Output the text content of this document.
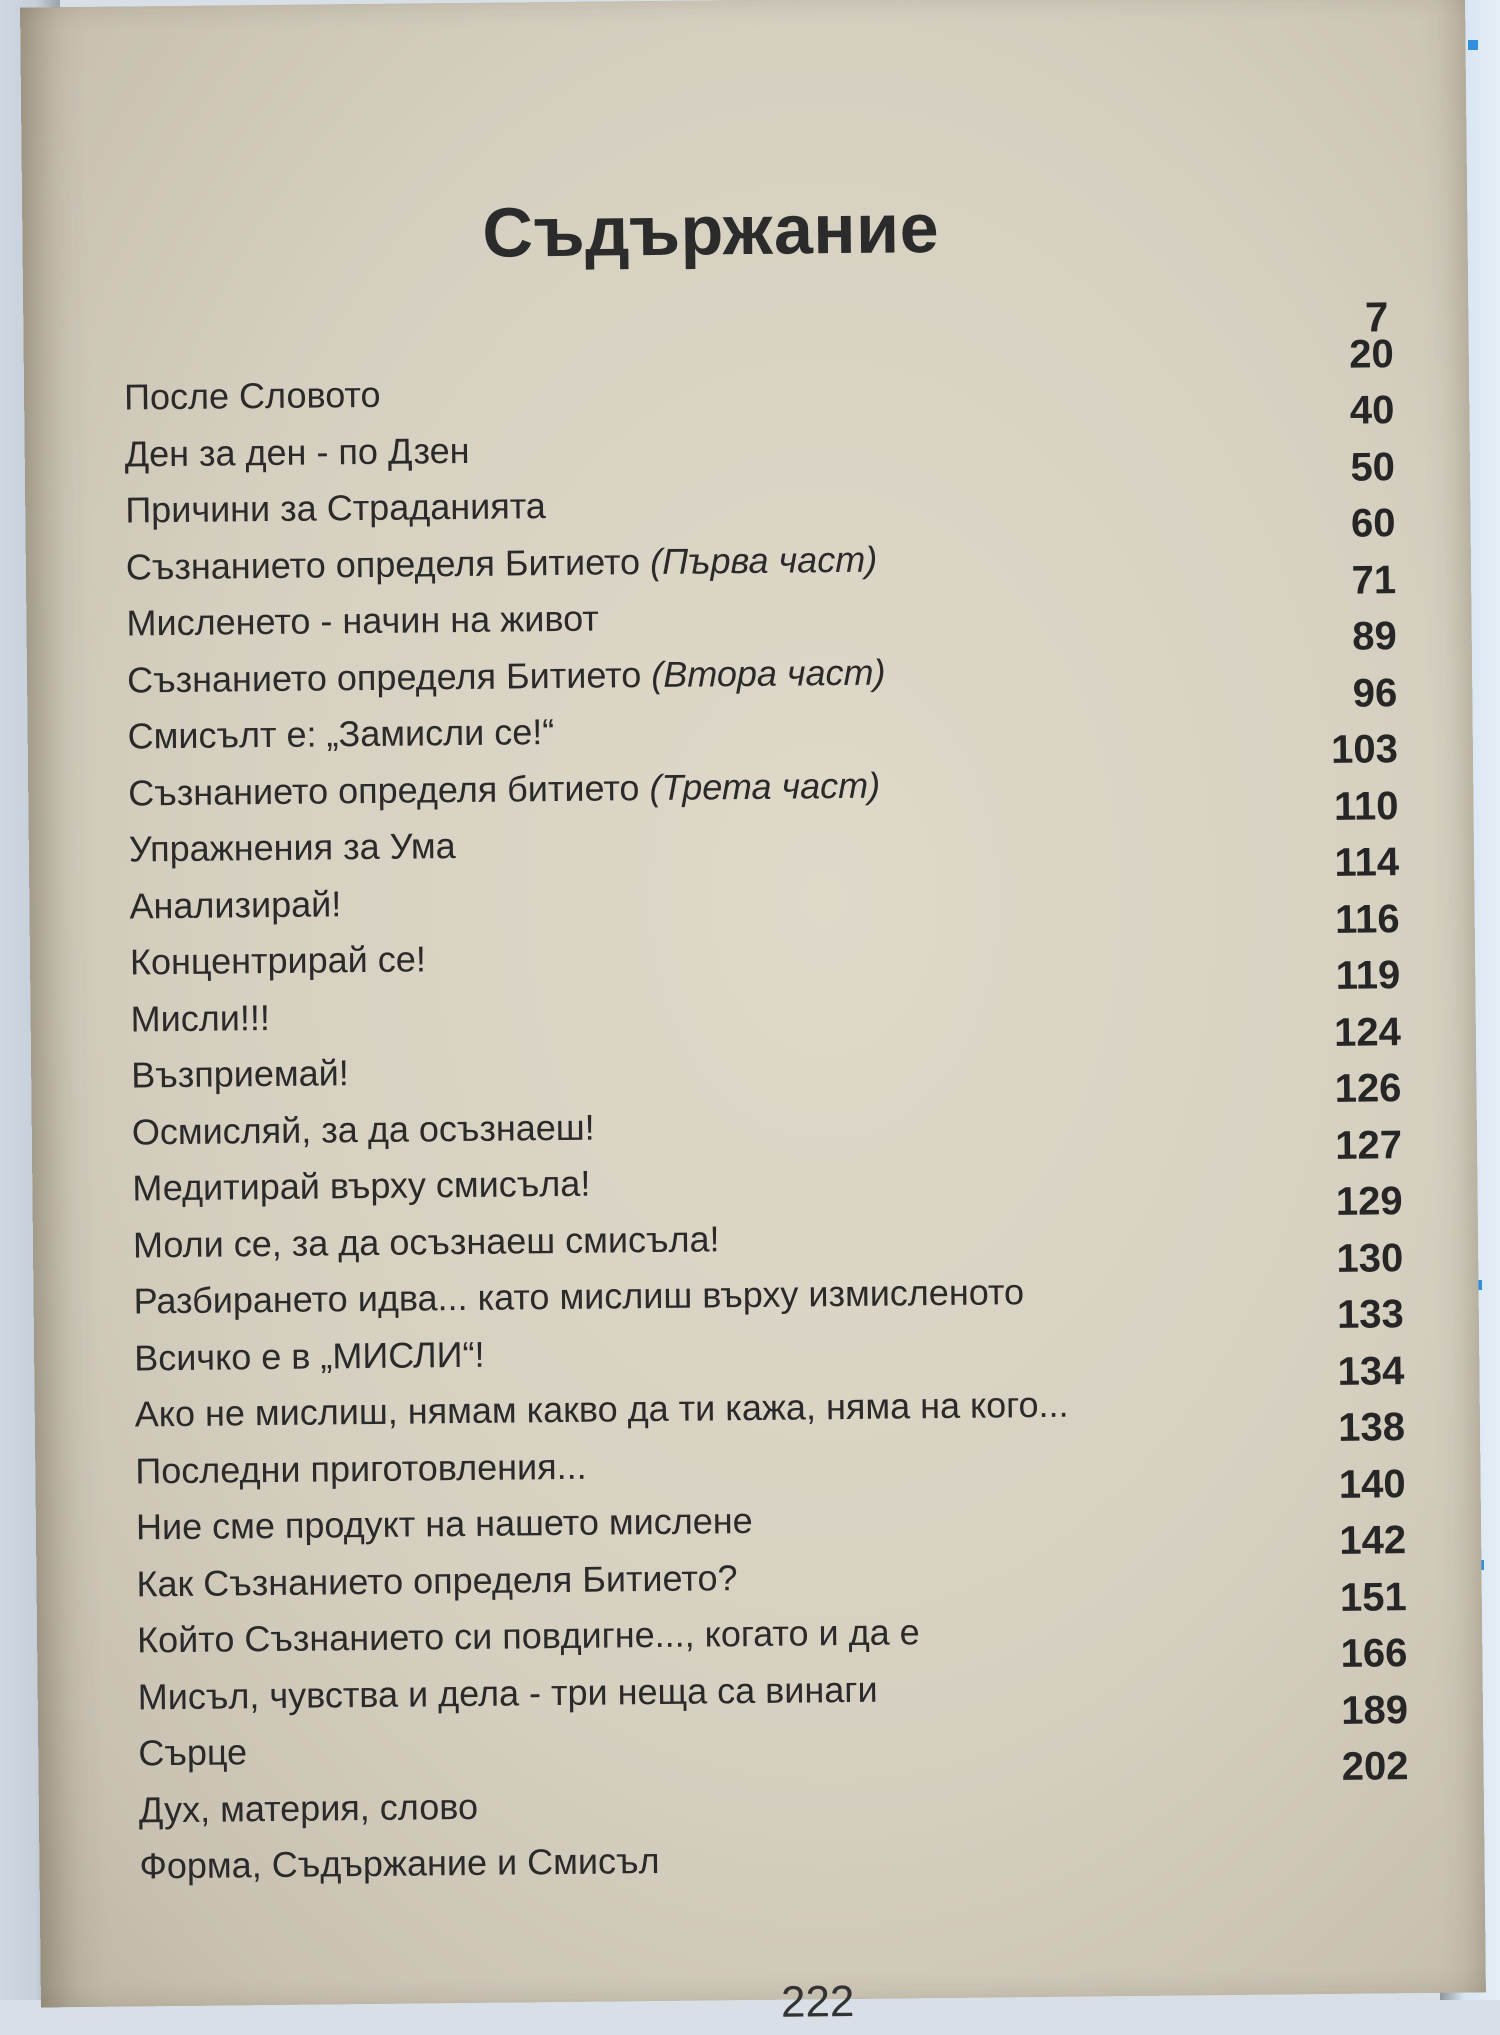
Съдържание
7
После Словото
20
Ден за ден - по Дзен
40
Причини за Страданията
50
Съзнанието определя Битието (Първа част)
60
Мисленето - начин на живот
71
Съзнанието определя Битието (Втора част)
89
Смисълт е: „Замисли се!“
96
Съзнанието определя битието (Трета част)
103
Упражнения за Ума
110
Анализирай!
114
Концентрирай се!
116
Мисли!!!
119
Възприемай!
124
Осмисляй, за да осъзнаеш!
126
Медитирай върху смисъла!
127
Моли се, за да осъзнаеш смисъла!
129
Разбирането идва... като мислиш върху измисленото
130
Всичко е в „МИСЛИ“!
133
Ако не мислиш, нямам какво да ти кажа, няма на кого...
134
Последни приготовления...
138
Ние сме продукт на нашето мислене
140
Как Съзнанието определя Битието?
142
Който Съзнанието си повдигне..., когато и да е
151
Мисъл, чувства и дела - три неща са винаги
166
Сърце
189
Дух, материя, слово
202
Форма, Съдържание и Смисъл
222
